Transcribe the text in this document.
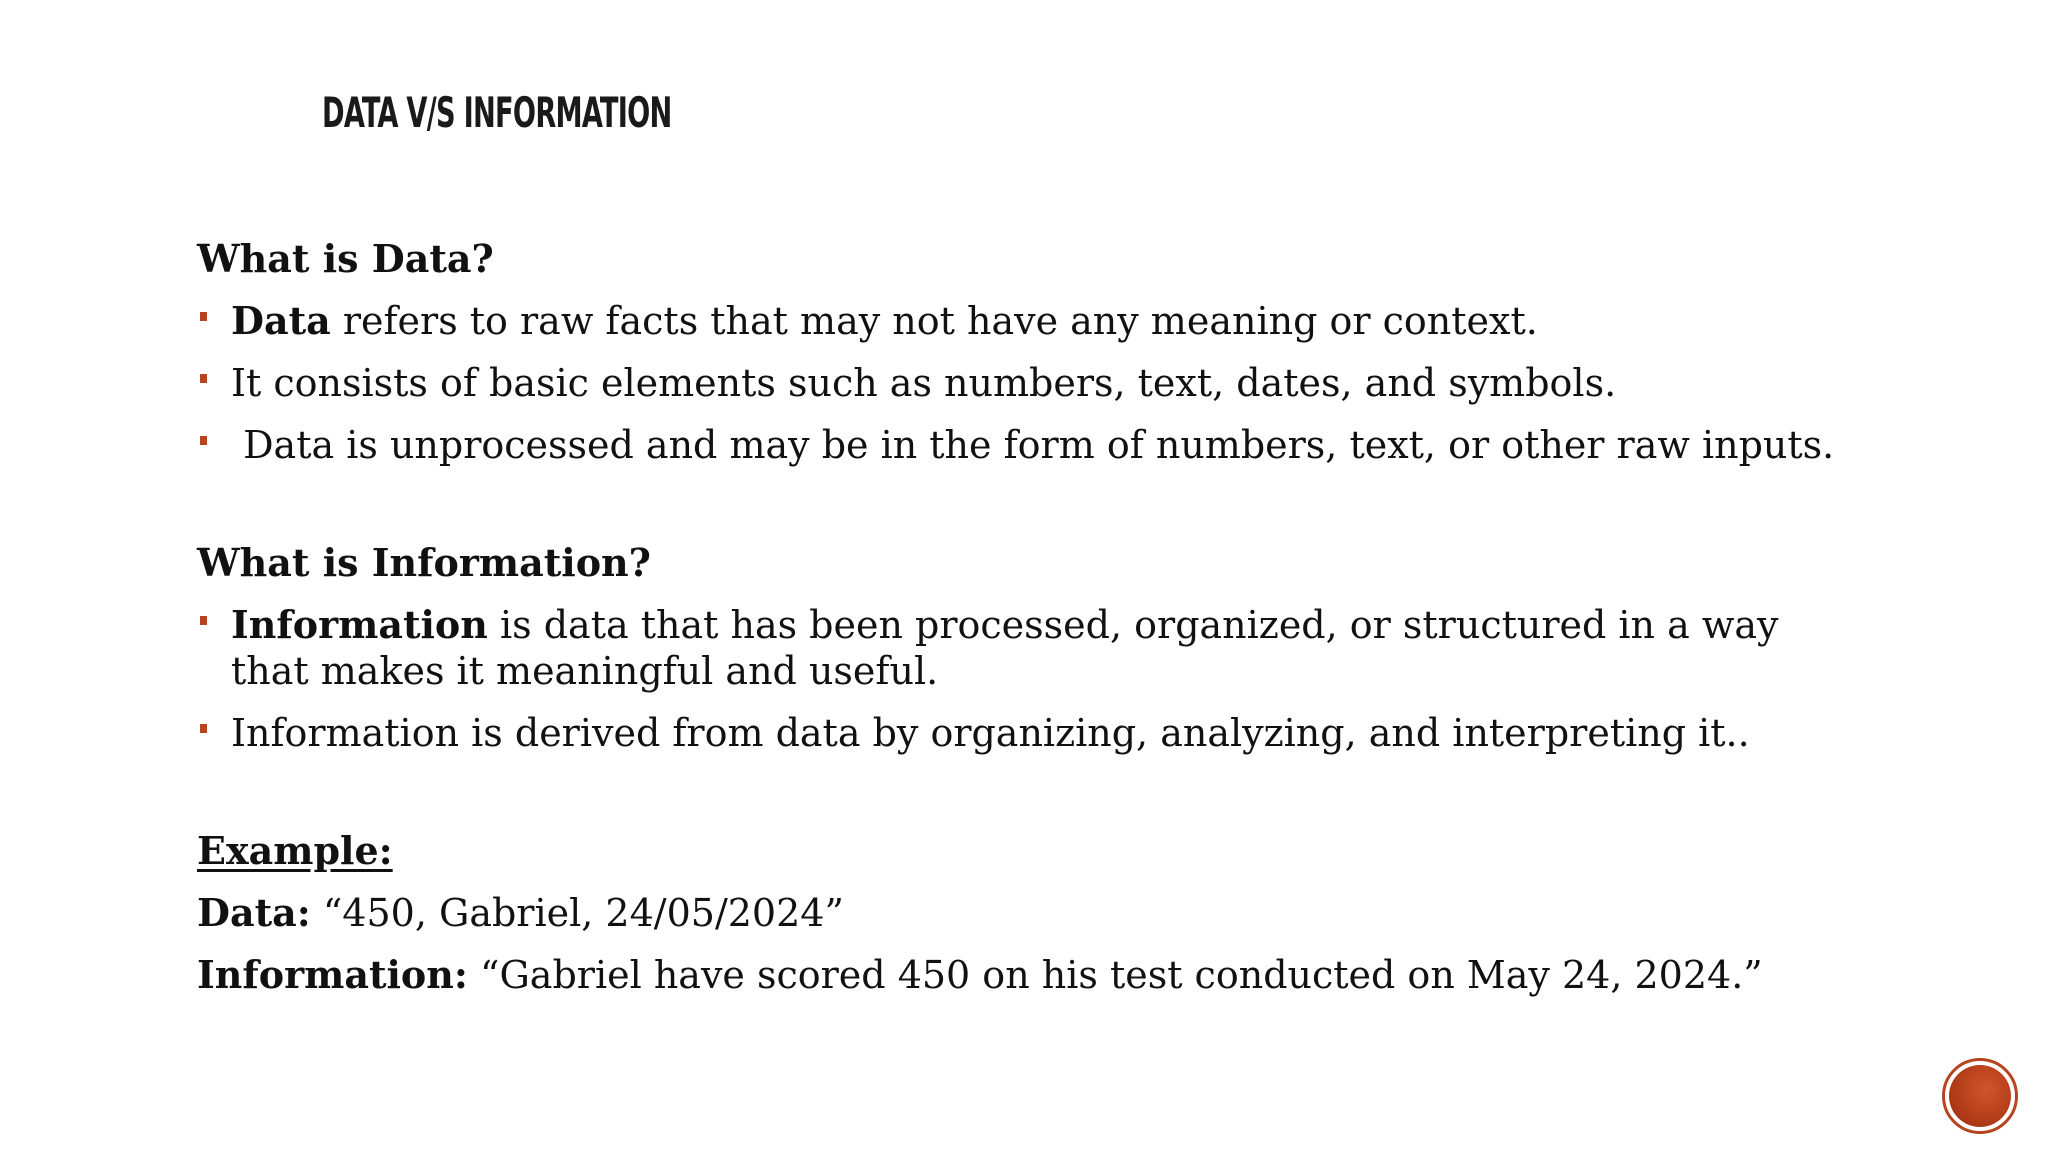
DATA V/S INFORMATION

What is Data?

Data refers to raw facts that may not have any meaning or context.
It consists of basic elements such as numbers, text, dates, and symbols.
Data is unprocessed and may be in the form of numbers, text, or other raw inputs.

What is Information?

Information is data that has been processed, organized, or structured in a way that makes it meaningful and useful.
Information is derived from data by organizing, analyzing, and interpreting it..

Example:

Data: “450, Gabriel, 24/05/2024”

Information: “Gabriel have scored 450 on his test conducted on May 24, 2024.”
